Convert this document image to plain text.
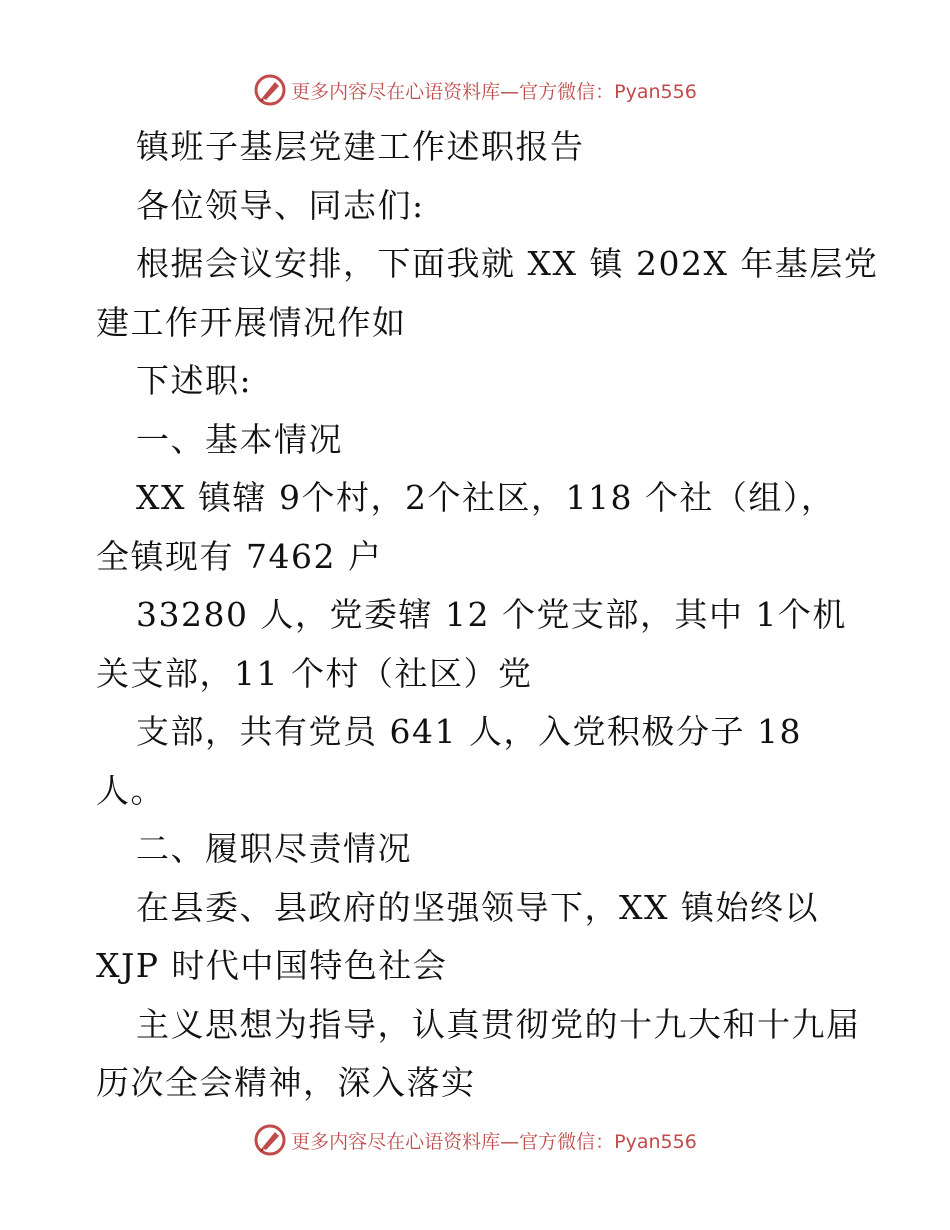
更多内容尽在心语资料库—官方微信：Pyan556
镇班子基层党建工作述职报告
各位领导、同志们:
根据会议安排，下面我就 XX 镇 202X 年基层党
建工作开展情况作如
下述职:
一、基本情况
XX 镇辖 9个村，2个社区，118 个社（组），
全镇现有 7462 户
33280 人，党委辖 12 个党支部，其中 1个机
关支部，11 个村（社区）党
支部，共有党员 641 人，入党积极分子 18
人。
二、履职尽责情况
在县委、县政府的坚强领导下，XX 镇始终以
XJP 时代中国特色社会
主义思想为指导，认真贯彻党的十九大和十九届
历次全会精神，深入落实
更多内容尽在心语资料库—官方微信：Pyan556
